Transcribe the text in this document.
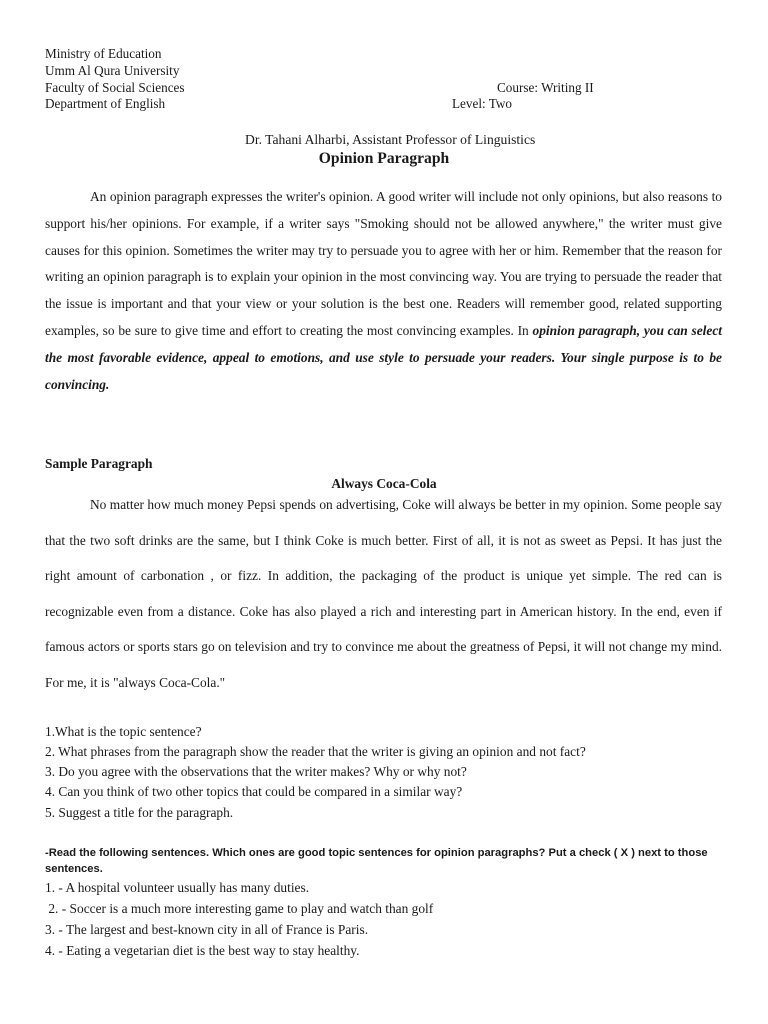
Ministry of Education
Umm Al Qura University
Faculty of Social Sciences
Department of English
Course: Writing II
Level: Two
Dr. Tahani Alharbi, Assistant Professor of Linguistics
Opinion Paragraph
An opinion paragraph expresses the writer's opinion. A good writer will include not only opinions, but also reasons to support his/her opinions. For example, if a writer says "Smoking should not be allowed anywhere," the writer must give causes for this opinion. Sometimes the writer may try to persuade you to agree with her or him. Remember that the reason for writing an opinion paragraph is to explain your opinion in the most convincing way. You are trying to persuade the reader that the issue is important and that your view or your solution is the best one. Readers will remember good, related supporting examples, so be sure to give time and effort to creating the most convincing examples. In opinion paragraph, you can select the most favorable evidence, appeal to emotions, and use style to persuade your readers. Your single purpose is to be convincing.
Sample Paragraph
Always Coca-Cola
No matter how much money Pepsi spends on advertising, Coke will always be better in my opinion. Some people say that the two soft drinks are the same, but I think Coke is much better. First of all, it is not as sweet as Pepsi. It has just the right amount of carbonation , or fizz. In addition, the packaging of the product is unique yet simple. The red can is recognizable even from a distance. Coke has also played a rich and interesting part in American history. In the end, even if famous actors or sports stars go on television and try to convince me about the greatness of Pepsi, it will not change my mind. For me, it is "always Coca-Cola."
1.What is the topic sentence?
2. What phrases from the paragraph show the reader that the writer is giving an opinion and not fact?
3. Do you agree with the observations that the writer makes? Why or why not?
4. Can you think of two other topics that could be compared in a similar way?
5. Suggest a title for the paragraph.
-Read the following sentences. Which ones are good topic sentences for opinion paragraphs? Put a check ( X ) next to those sentences.
1. - A hospital volunteer usually has many duties.
2. - Soccer is a much more interesting game to play and watch than golf
3. - The largest and best-known city in all of France is Paris.
4. - Eating a vegetarian diet is the best way to stay healthy.
